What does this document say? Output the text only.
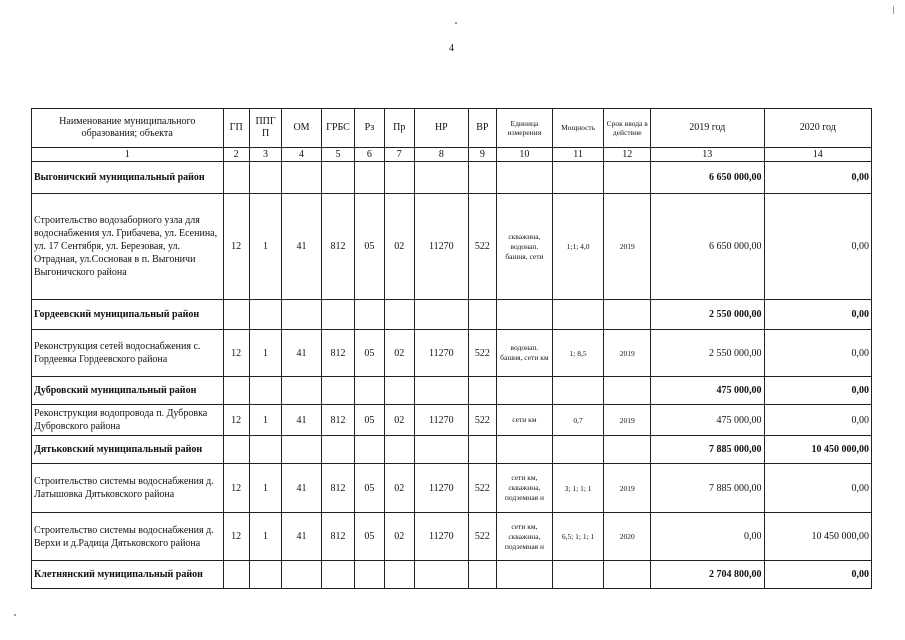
4
Наименование муниципального образования; объекта	ГП	ППГП	ОМ	ГРБС	Рз	Пр	НР	ВР	Единица измерения	Мощность	Срок ввода в действие	2019 год	2020 год
1	2	3	4	5	6	7	8	9	10	11	12	13	14
Выгоничский муниципальный район												6 650 000,00	0,00
Строительство водозаборного узла для водоснабжения ул. Грибачева, ул. Есенина, ул. 17 Сентября, ул. Березовая, ул. Отрадная, ул.Сосновая в п. Выгоничи Выгоничского района	12	1	41	812	05	02	11270	522	скважина, водонап. башня, сети	1;1; 4,0	2019	6 650 000,00	0,00
Гордеевский муниципальный район												2 550 000,00	0,00
Реконструкция сетей водоснабжения с. Гордеевка Гордеевского района	12	1	41	812	05	02	11270	522	водонап. башня, сети км	1; 8,5	2019	2 550 000,00	0,00
Дубровский муниципальный район												475 000,00	0,00
Реконструкция водопровода п. Дубровка Дубровского района	12	1	41	812	05	02	11270	522	сети км	0,7	2019	475 000,00	0,00
Дятьковский муниципальный район												7 885 000,00	10 450 000,00
Строительство системы водоснабжения д. Латышовка Дятьковского района	12	1	41	812	05	02	11270	522	сети км, скважина, подземная н	3; 1; 1; 1	2019	7 885 000,00	0,00
Строительство системы водоснабжения д. Верхи и д.Радица Дятьковского района	12	1	41	812	05	02	11270	522	сети км, скважина, подземная н	6,5; 1; 1; 1	2020	0,00	10 450 000,00
Клетнянский муниципальный район												2 704 800,00	0,00
